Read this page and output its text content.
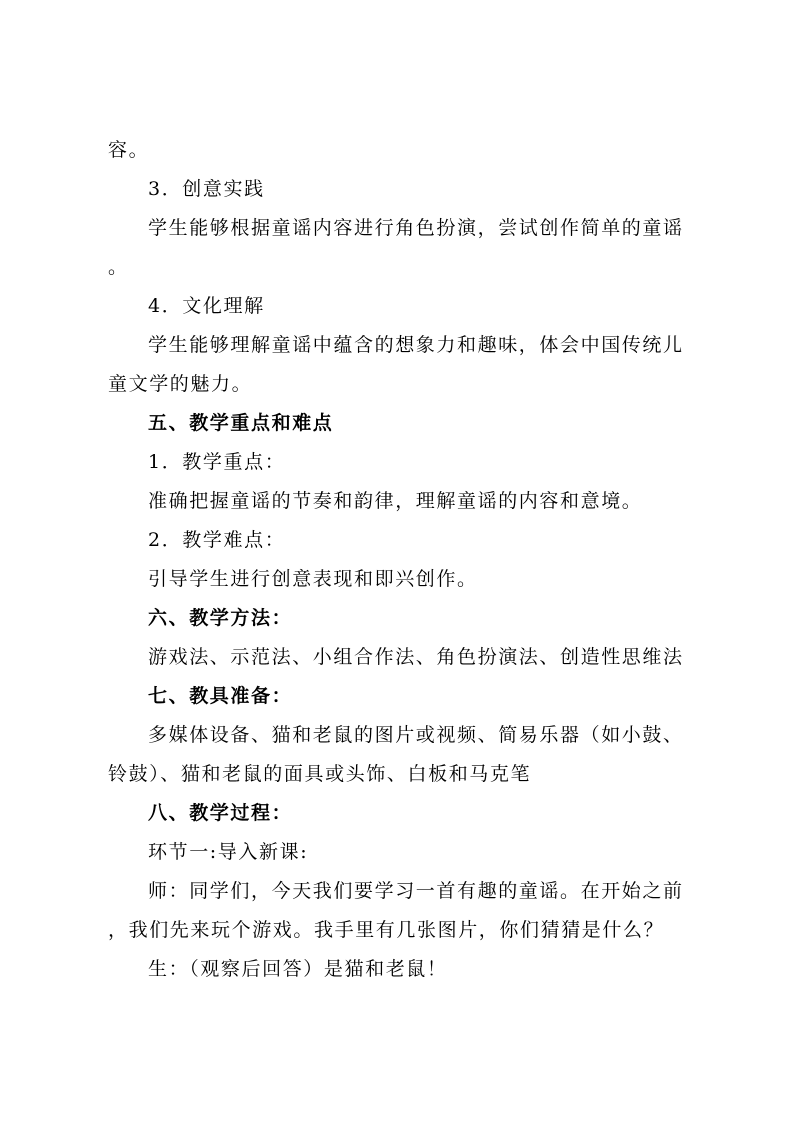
容。
3．创意实践
学生能够根据童谣内容进行角色扮演，尝试创作简单的童谣
。
4．文化理解
学生能够理解童谣中蕴含的想象力和趣味，体会中国传统儿
童文学的魅力。
五、教学重点和难点
1．教学重点：
准确把握童谣的节奏和韵律，理解童谣的内容和意境。
2．教学难点：
引导学生进行创意表现和即兴创作。
六、教学方法：
游戏法、示范法、小组合作法、角色扮演法、创造性思维法
七、教具准备：
多媒体设备、猫和老鼠的图片或视频、简易乐器（如小鼓、
铃鼓）、猫和老鼠的面具或头饰、白板和马克笔
八、教学过程：
环节一:导入新课:
师：同学们，今天我们要学习一首有趣的童谣。在开始之前
，我们先来玩个游戏。我手里有几张图片，你们猜猜是什么？
生：（观察后回答）是猫和老鼠！
